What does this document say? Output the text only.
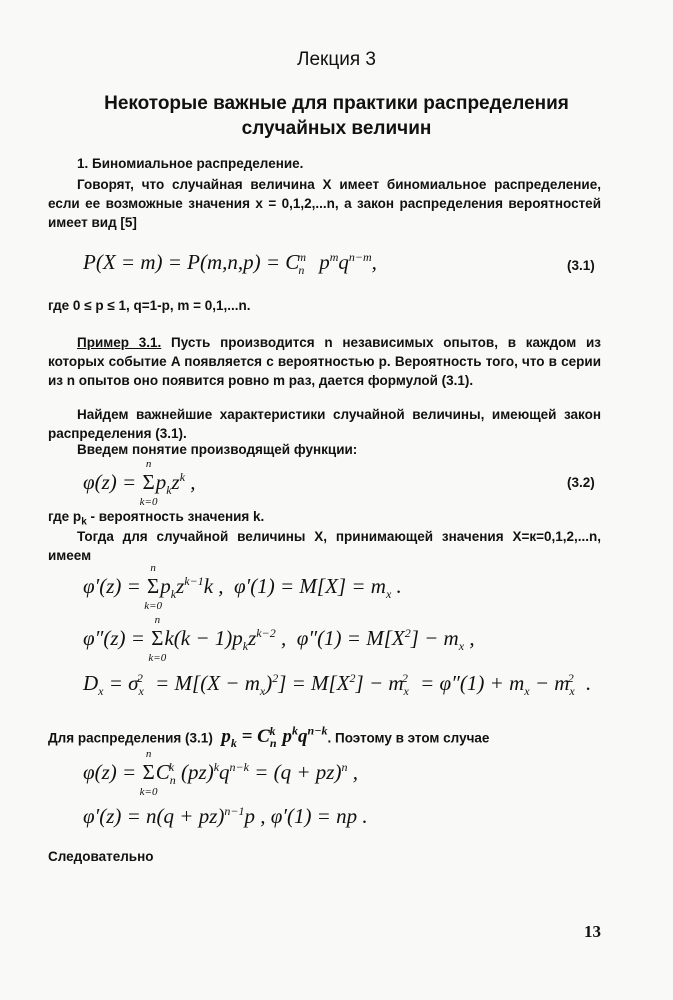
Лекция 3
Некоторые важные для практики распределения
случайных величин
1. Биномиальное распределение.
Говорят, что случайная величина X имеет биномиальное распределение, если ее возможные значения x = 0,1,2,...n, а закон распределения вероятностей имеет вид [5]
$P(X = m) = P(m,n,p) = C_n^m$ $p^mq^{n-m}$,	(3.1)
где 0 ≤ p ≤ 1, q=1-p, m = 0,1,...n.
Пример 3.1. Пусть производится n независимых опытов, в каждом из которых событие A появляется с вероятностью p. Вероятность того, что в серии из n опытов оно появится ровно m раз, дается формулой (3.1).
Найдем важнейшие характеристики случайной величины, имеющей закон распределения (3.1).
Введем понятие производящей функции:
φ(z) = Σ
n
k=0
$p_kz^k$ ,	(3.2)
где $p_k$ - вероятность значения k.
Тогда для случайной величины X, принимающей значения X=к=0,1,2,...n, имеем
φ′(z) = Σ
n
k=0
$p_kz^{k-1}k$ ,  $\varphi'(1) = M[X] = m_x$ .
φ″(z) = Σ
n
k=0
$k(k - 1)p_kz^{k-2}$ ,  $\varphi''(1) = M[X^2] - m_x$ ,
$D_x = \sigma_x^2 = M[(X - m_x)^2] = M[X^2] - m_x^2 = \varphi''(1) + m_x - m_x^2$ .
Для распределения (3.1)  $p_k = C_n^k$ $p^kq^{n-k}$. Поэтому в этом случае
φ(z) = Σ
n
k=0
$C_n^k$ $(pz)^kq^{n-k} = (q + pz)^n$ ,
φ′(z) = n(q + pz)$^{n-1}$p , φ′(1) = np .
Следовательно
13
